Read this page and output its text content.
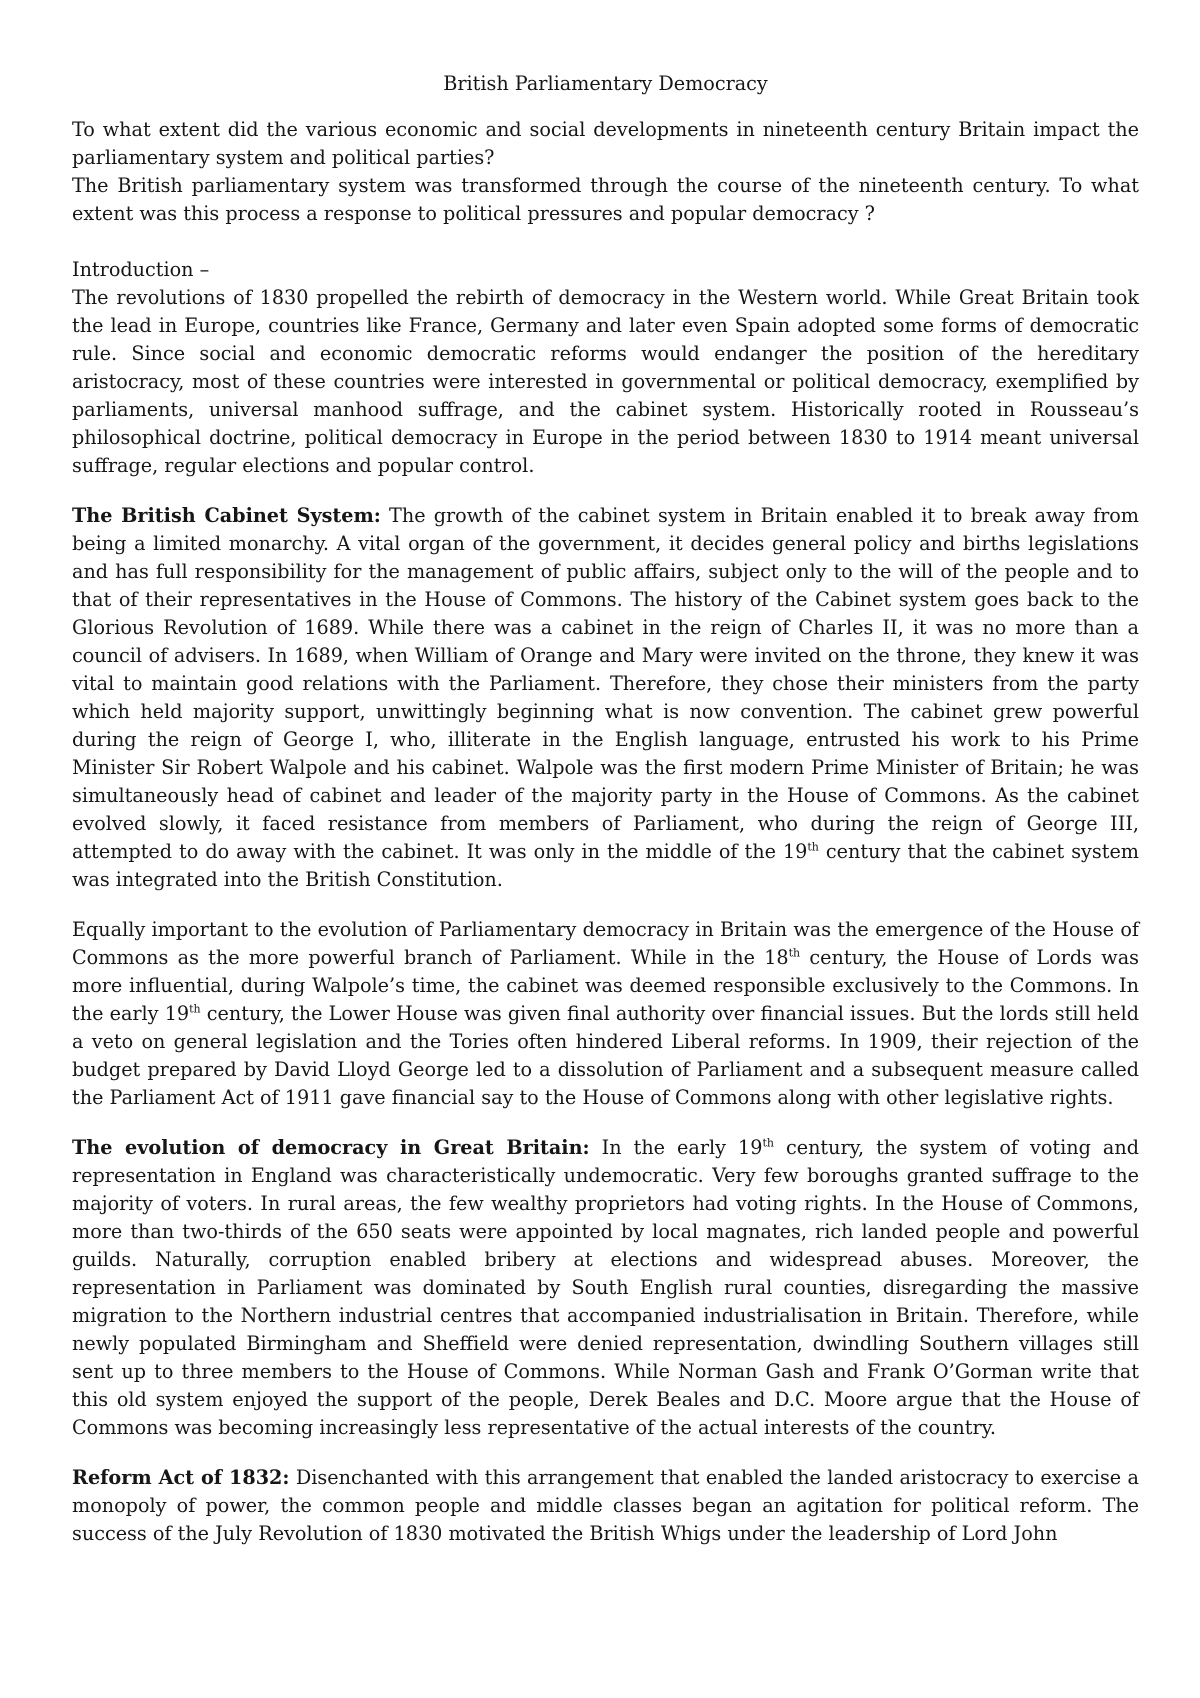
British Parliamentary Democracy

To what extent did the various economic and social developments in nineteenth century Britain impact the parliamentary system and political parties?

The British parliamentary system was transformed through the course of the nineteenth century. To what extent was this process a response to political pressures and popular democracy ?

Introduction –

The revolutions of 1830 propelled the rebirth of democracy in the Western world. While Great Britain took the lead in Europe, countries like France, Germany and later even Spain adopted some forms of democratic rule. Since social and economic democratic reforms would endanger the position of the hereditary aristocracy, most of these countries were interested in governmental or political democracy, exemplified by parliaments, universal manhood suffrage, and the cabinet system. Historically rooted in Rousseau’s philosophical doctrine, political democracy in Europe in the period between 1830 to 1914 meant universal suffrage, regular elections and popular control.

The British Cabinet System: The growth of the cabinet system in Britain enabled it to break away from being a limited monarchy. A vital organ of the government, it decides general policy and births legislations and has full responsibility for the management of public affairs, subject only to the will of the people and to that of their representatives in the House of Commons. The history of the Cabinet system goes back to the Glorious Revolution of 1689. While there was a cabinet in the reign of Charles II, it was no more than a council of advisers. In 1689, when William of Orange and Mary were invited on the throne, they knew it was vital to maintain good relations with the Parliament. Therefore, they chose their ministers from the party which held majority support, unwittingly beginning what is now convention. The cabinet grew powerful during the reign of George I, who, illiterate in the English language, entrusted his work to his Prime Minister Sir Robert Walpole and his cabinet. Walpole was the first modern Prime Minister of Britain; he was simultaneously head of cabinet and leader of the majority party in the House of Commons. As the cabinet evolved slowly, it faced resistance from members of Parliament, who during the reign of George III, attempted to do away with the cabinet. It was only in the middle of the 19th century that the cabinet system was integrated into the British Constitution.

Equally important to the evolution of Parliamentary democracy in Britain was the emergence of the House of Commons as the more powerful branch of Parliament. While in the 18th century, the House of Lords was more influential, during Walpole’s time, the cabinet was deemed responsible exclusively to the Commons. In the early 19th century, the Lower House was given final authority over financial issues. But the lords still held a veto on general legislation and the Tories often hindered Liberal reforms. In 1909, their rejection of the budget prepared by David Lloyd George led to a dissolution of Parliament and a subsequent measure called the Parliament Act of 1911 gave financial say to the House of Commons along with other legislative rights.

The evolution of democracy in Great Britain: In the early 19th century, the system of voting and representation in England was characteristically undemocratic. Very few boroughs granted suffrage to the majority of voters. In rural areas, the few wealthy proprietors had voting rights. In the House of Commons, more than two-thirds of the 650 seats were appointed by local magnates, rich landed people and powerful guilds. Naturally, corruption enabled bribery at elections and widespread abuses. Moreover, the representation in Parliament was dominated by South English rural counties, disregarding the massive migration to the Northern industrial centres that accompanied industrialisation in Britain. Therefore, while newly populated Birmingham and Sheffield were denied representation, dwindling Southern villages still sent up to three members to the House of Commons. While Norman Gash and Frank O’Gorman write that this old system enjoyed the support of the people, Derek Beales and D.C. Moore argue that the House of Commons was becoming increasingly less representative of the actual interests of the country.

Reform Act of 1832: Disenchanted with this arrangement that enabled the landed aristocracy to exercise a monopoly of power, the common people and middle classes began an agitation for political reform. The success of the July Revolution of 1830 motivated the British Whigs under the leadership of Lord John
